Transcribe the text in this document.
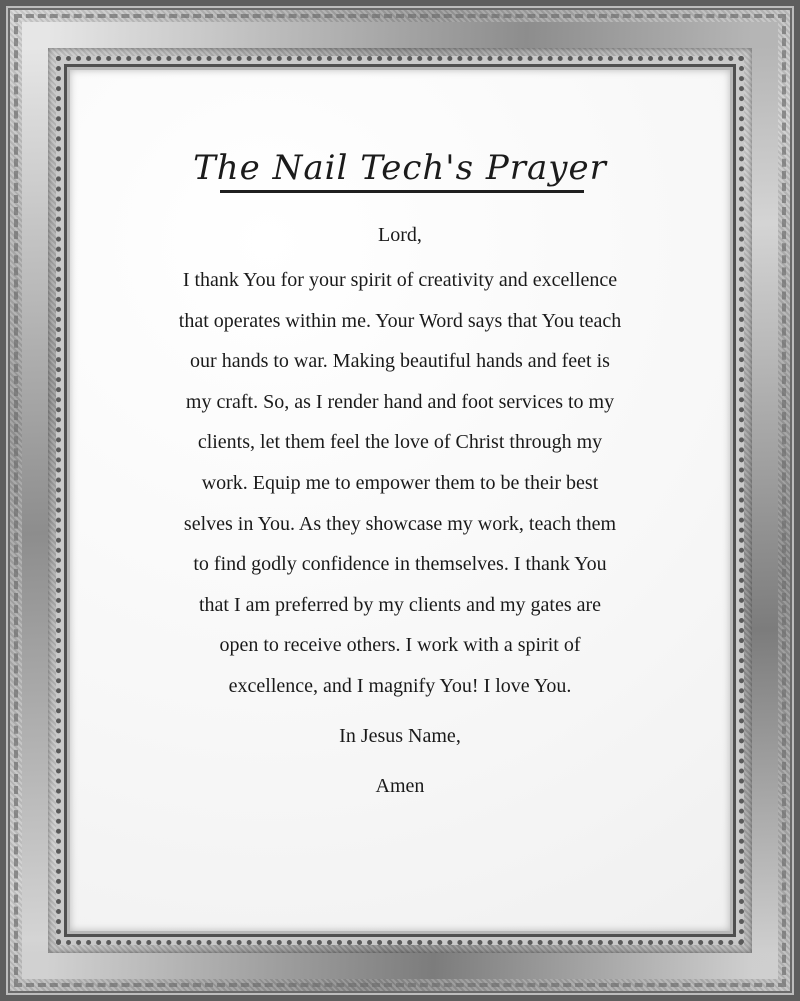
The Nail Tech's Prayer

Lord,

I thank You for your spirit of creativity and excellence
that operates within me. Your Word says that You teach
our hands to war. Making beautiful hands and feet is
my craft. So, as I render hand and foot services to my
clients, let them feel the love of Christ through my
work. Equip me to empower them to be their best
selves in You. As they showcase my work, teach them
to find godly confidence in themselves. I thank You
that I am preferred by my clients and my gates are
open to receive others. I work with a spirit of
excellence, and I magnify You! I love You.

In Jesus Name,

Amen
